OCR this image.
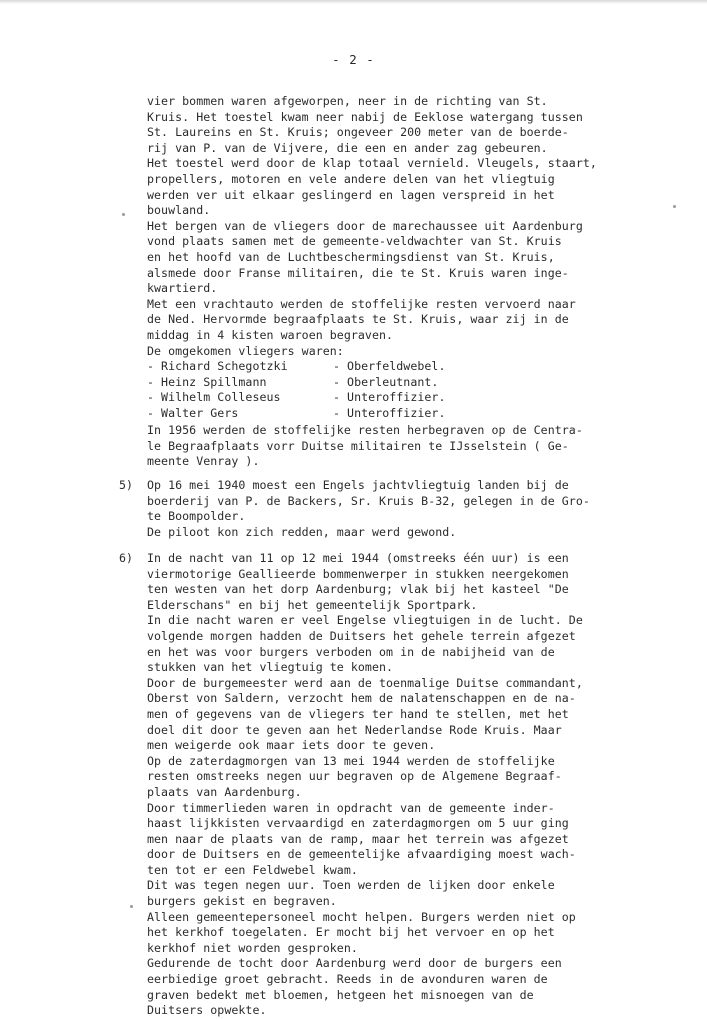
- 2 -
vier bommen waren afgeworpen, neer in de richting van St.
Kruis. Het toestel kwam neer nabij de Eeklose watergang tussen
St. Laureins en St. Kruis; ongeveer 200 meter van de boerde-
rij van P. van de Vijvere, die een en ander zag gebeuren.
Het toestel werd door de klap totaal vernield. Vleugels, staart,
propellers, motoren en vele andere delen van het vliegtuig
werden ver uit elkaar geslingerd en lagen verspreid in het
bouwland.
Het bergen van de vliegers door de marechaussee uit Aardenburg
vond plaats samen met de gemeente-veldwachter van St. Kruis
en het hoofd van de Luchtbeschermingsdienst van St. Kruis,
alsmede door Franse militairen, die te St. Kruis waren inge-
kwartierd.
Met een vrachtauto werden de stoffelijke resten vervoerd naar
de Ned. Hervormde begraafplaats te St. Kruis, waar zij in de
middag in 4 kisten waroen begraven.
De omgekomen vliegers waren:
- Richard Schegotzki	- Oberfeldwebel.
- Heinz Spillmann	- Oberleutnant.
- Wilhelm Colleseus	- Unteroffizier.
- Walter Gers	- Unteroffizier.
In 1956 werden de stoffelijke resten herbegraven op de Centra-
le Begraafplaats vorr Duitse militairen te IJsselstein ( Ge-
meente Venray ).
5) Op 16 mei 1940 moest een Engels jachtvliegtuig landen bij de
boerderij van P. de Backers, Sr. Kruis B-32, gelegen in de Gro-
te Boompolder.
De piloot kon zich redden, maar werd gewond.
6) In de nacht van 11 op 12 mei 1944 (omstreeks één uur) is een
viermotorige Geallieerde bommenwerper in stukken neergekomen
ten westen van het dorp Aardenburg; vlak bij het kasteel "De
Elderschans" en bij het gemeentelijk Sportpark.
In die nacht waren er veel Engelse vliegtuigen in de lucht. De
volgende morgen hadden de Duitsers het gehele terrein afgezet
en het was voor burgers verboden om in de nabijheid van de
stukken van het vliegtuig te komen.
Door de burgemeester werd aan de toenmalige Duitse commandant,
Oberst von Saldern, verzocht hem de nalatenschappen en de na-
men of gegevens van de vliegers ter hand te stellen, met het
doel dit door te geven aan het Nederlandse Rode Kruis. Maar
men weigerde ook maar iets door te geven.
Op de zaterdagmorgen van 13 mei 1944 werden de stoffelijke
resten omstreeks negen uur begraven op de Algemene Begraaf-
plaats van Aardenburg.
Door timmerlieden waren in opdracht van de gemeente inder-
haast lijkkisten vervaardigd en zaterdagmorgen om 5 uur ging
men naar de plaats van de ramp, maar het terrein was afgezet
door de Duitsers en de gemeentelijke afvaardiging moest wach-
ten tot er een Feldwebel kwam.
Dit was tegen negen uur. Toen werden de lijken door enkele
burgers gekist en begraven.
Alleen gemeentepersoneel mocht helpen. Burgers werden niet op
het kerkhof toegelaten. Er mocht bij het vervoer en op het
kerkhof niet worden gesproken.
Gedurende de tocht door Aardenburg werd door de burgers een
eerbiedige groet gebracht. Reeds in de avonduren waren de
graven bedekt met bloemen, hetgeen het misnoegen van de
Duitsers opwekte.
